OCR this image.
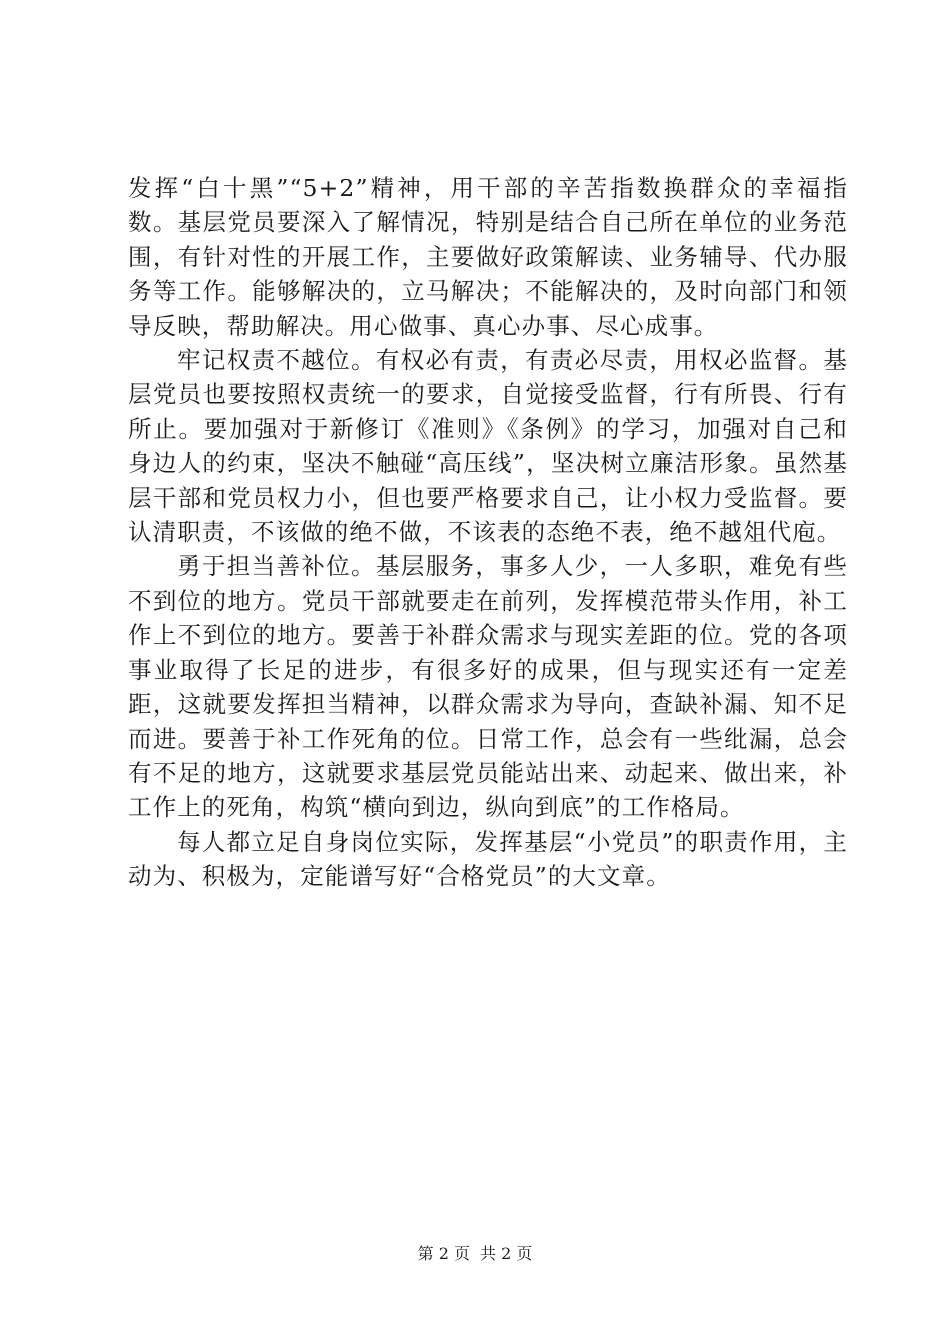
发挥“白十黑”“5+2”精神，用干部的辛苦指数换群众的幸福指数。基层党员要深入了解情况，特别是结合自己所在单位的业务范围，有针对性的开展工作，主要做好政策解读、业务辅导、代办服务等工作。能够解决的，立马解决；不能解决的，及时向部门和领导反映，帮助解决。用心做事、真心办事、尽心成事。

牢记权责不越位。有权必有责，有责必尽责，用权必监督。基层党员也要按照权责统一的要求，自觉接受监督，行有所畏、行有所止。要加强对于新修订《准则》《条例》的学习，加强对自己和身边人的约束，坚决不触碰“高压线”，坚决树立廉洁形象。虽然基层干部和党员权力小，但也要严格要求自己，让小权力受监督。要认清职责，不该做的绝不做，不该表的态绝不表，绝不越俎代庖。

勇于担当善补位。基层服务，事多人少，一人多职，难免有些不到位的地方。党员干部就要走在前列，发挥模范带头作用，补工作上不到位的地方。要善于补群众需求与现实差距的位。党的各项事业取得了长足的进步，有很多好的成果，但与现实还有一定差距，这就要发挥担当精神，以群众需求为导向，查缺补漏、知不足而进。要善于补工作死角的位。日常工作，总会有一些纰漏，总会有不足的地方，这就要求基层党员能站出来、动起来、做出来，补工作上的死角，构筑“横向到边，纵向到底”的工作格局。

每人都立足自身岗位实际，发挥基层“小党员”的职责作用，主动为、积极为，定能谱写好“合格党员”的大文章。

第 2 页 共 2 页
